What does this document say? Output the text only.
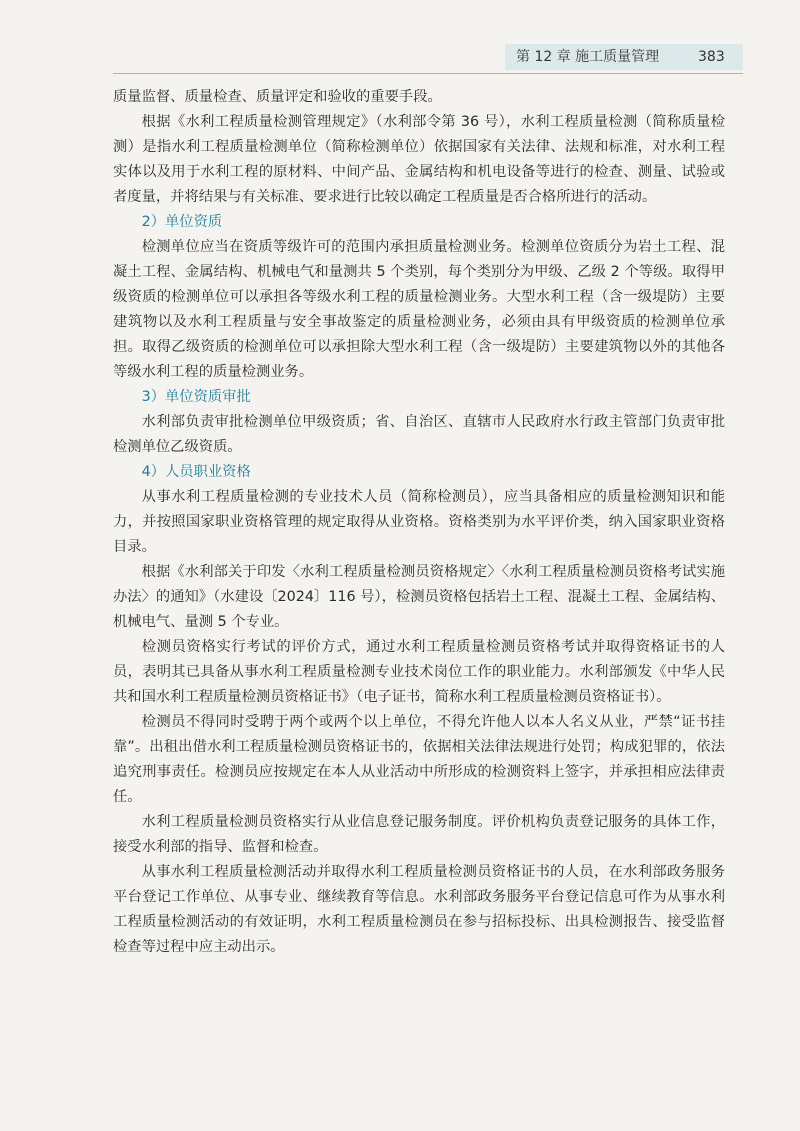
第 12 章 施工质量管理	383

质量监督、质量检查、质量评定和验收的重要手段。

根据《水利工程质量检测管理规定》（水利部令第 36 号），水利工程质量检测（简称质量检测）是指水利工程质量检测单位（简称检测单位）依据国家有关法律、法规和标准，对水利工程实体以及用于水利工程的原材料、中间产品、金属结构和机电设备等进行的检查、测量、试验或者度量，并将结果与有关标准、要求进行比较以确定工程质量是否合格所进行的活动。

2）单位资质

检测单位应当在资质等级许可的范围内承担质量检测业务。检测单位资质分为岩土工程、混凝土工程、金属结构、机械电气和量测共 5 个类别，每个类别分为甲级、乙级 2 个等级。取得甲级资质的检测单位可以承担各等级水利工程的质量检测业务。大型水利工程（含一级堤防）主要建筑物以及水利工程质量与安全事故鉴定的质量检测业务，必须由具有甲级资质的检测单位承担。取得乙级资质的检测单位可以承担除大型水利工程（含一级堤防）主要建筑物以外的其他各等级水利工程的质量检测业务。

3）单位资质审批

水利部负责审批检测单位甲级资质；省、自治区、直辖市人民政府水行政主管部门负责审批检测单位乙级资质。

4）人员职业资格

从事水利工程质量检测的专业技术人员（简称检测员），应当具备相应的质量检测知识和能力，并按照国家职业资格管理的规定取得从业资格。资格类别为水平评价类，纳入国家职业资格目录。

根据《水利部关于印发〈水利工程质量检测员资格规定〉〈水利工程质量检测员资格考试实施办法〉的通知》（水建设〔2024〕116 号），检测员资格包括岩土工程、混凝土工程、金属结构、机械电气、量测 5 个专业。

检测员资格实行考试的评价方式，通过水利工程质量检测员资格考试并取得资格证书的人员，表明其已具备从事水利工程质量检测专业技术岗位工作的职业能力。水利部颁发《中华人民共和国水利工程质量检测员资格证书》（电子证书，简称水利工程质量检测员资格证书）。

检测员不得同时受聘于两个或两个以上单位，不得允许他人以本人名义从业，严禁“证书挂靠”。出租出借水利工程质量检测员资格证书的，依据相关法律法规进行处罚；构成犯罪的，依法追究刑事责任。检测员应按规定在本人从业活动中所形成的检测资料上签字，并承担相应法律责任。

水利工程质量检测员资格实行从业信息登记服务制度。评价机构负责登记服务的具体工作，接受水利部的指导、监督和检查。

从事水利工程质量检测活动并取得水利工程质量检测员资格证书的人员，在水利部政务服务平台登记工作单位、从事专业、继续教育等信息。水利部政务服务平台登记信息可作为从事水利工程质量检测活动的有效证明，水利工程质量检测员在参与招标投标、出具检测报告、接受监督检查等过程中应主动出示。
